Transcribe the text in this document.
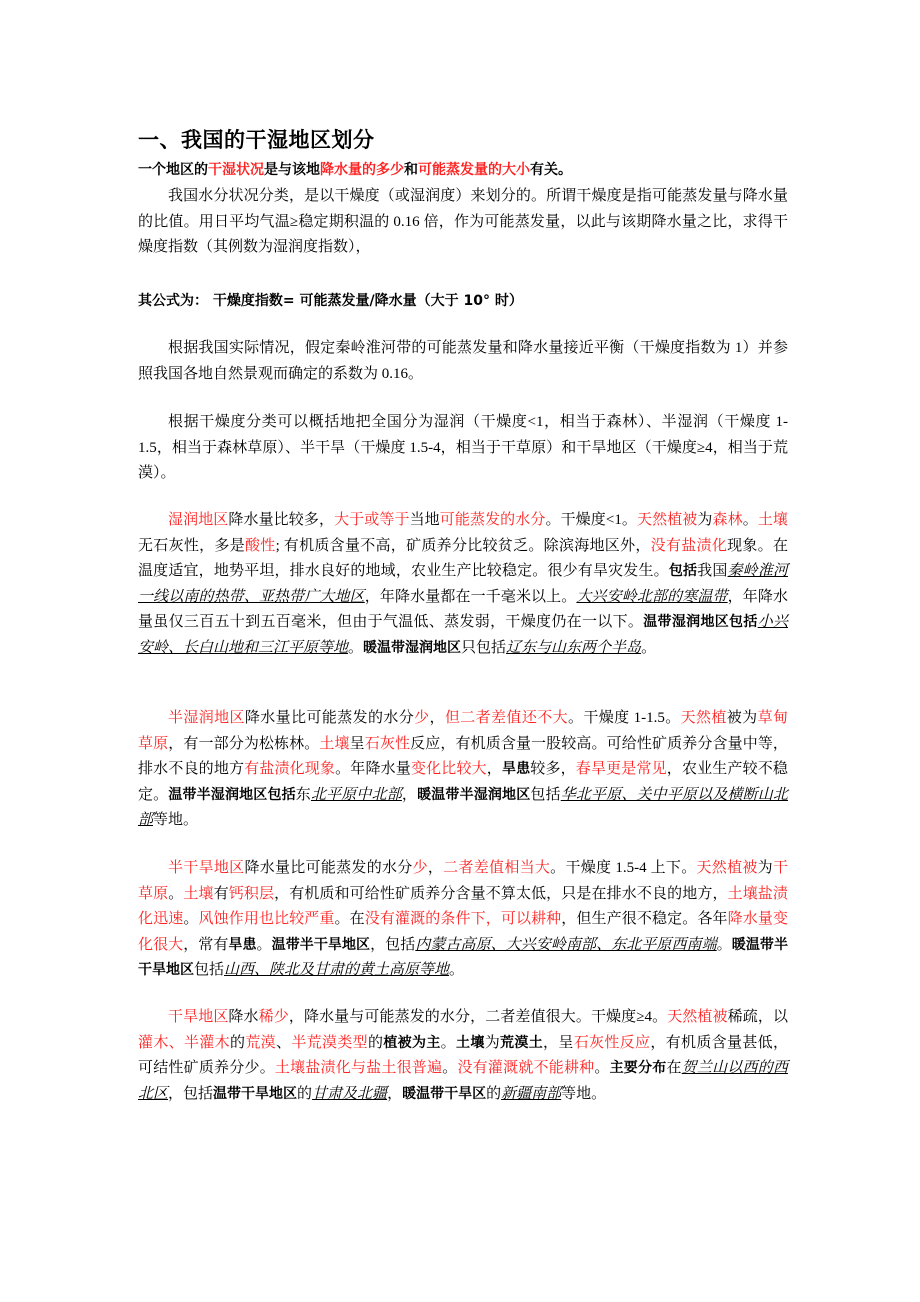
一、我国的干湿地区划分

一个地区的干湿状况是与该地降水量的多少和可能蒸发量的大小有关。

我国水分状况分类，是以干燥度（或湿润度）来划分的。所谓干燥度是指可能蒸发量与降水量的比值。用日平均气温≥稳定期积温的 0.16 倍，作为可能蒸发量，以此与该期降水量之比，求得干燥度指数（其例数为湿润度指数），

其公式为： 干燥度指数= 可能蒸发量/降水量（大于 10° 时）

根据我国实际情况，假定秦岭淮河带的可能蒸发量和降水量接近平衡（干燥度指数为 1）并参照我国各地自然景观而确定的系数为 0.16。

根据干燥度分类可以概括地把全国分为湿润（干燥度<1，相当于森林）、半湿润（干燥度 1-1.5，相当于森林草原）、半干旱（干燥度 1.5-4，相当于干草原）和干旱地区（干燥度≥4，相当于荒漠）。

湿润地区降水量比较多，大于或等于当地可能蒸发的水分。干燥度<1。天然植被为森林。土壤无石灰性，多是酸性; 有机质含量不高，矿质养分比较贫乏。除滨海地区外，没有盐渍化现象。在温度适宜，地势平坦，排水良好的地域，农业生产比较稳定。很少有旱灾发生。包括我国秦岭淮河一线以南的热带、亚热带广大地区，年降水量都在一千毫米以上。大兴安岭北部的寒温带，年降水量虽仅三百五十到五百毫米，但由于气温低、蒸发弱，干燥度仍在一以下。温带湿润地区包括小兴安岭、长白山地和三江平原等地。暖温带湿润地区只包括辽东与山东两个半岛。

半湿润地区降水量比可能蒸发的水分少，但二者差值还不大。干燥度 1-1.5。天然植被为草甸草原，有一部分为松栋林。土壤呈石灰性反应，有机质含量一股较高。可给性矿质养分含量中等，排水不良的地方有盐渍化现象。年降水量变化比较大，旱患较多，春旱更是常见，农业生产较不稳定。温带半湿润地区包括东北平原中北部，暖温带半湿润地区包括华北平原、关中平原以及横断山北部等地。

半干旱地区降水量比可能蒸发的水分少，二者差值相当大。干燥度 1.5-4 上下。天然植被为干草原。土壤有钙积层，有机质和可给性矿质养分含量不算太低，只是在排水不良的地方，土壤盐渍化迅速。风蚀作用也比较严重。在没有灌溉的条件下，可以耕种，但生产很不稳定。各年降水量变化很大，常有旱患。温带半干旱地区，包括内蒙古高原、大兴安岭南部、东北平原西南端。暖温带半干旱地区包括山西、陕北及甘肃的黄土高原等地。

干旱地区降水稀少，降水量与可能蒸发的水分，二者差值很大。干燥度≥4。天然植被稀疏，以灌木、半灌木的荒漠、半荒漠类型的植被为主。土壤为荒漠土，呈石灰性反应，有机质含量甚低，可结性矿质养分少。土壤盐渍化与盐土很普遍。没有灌溉就不能耕种。主要分布在贺兰山以西的西北区，包括温带干旱地区的甘肃及北疆，暖温带干旱区的新疆南部等地。
